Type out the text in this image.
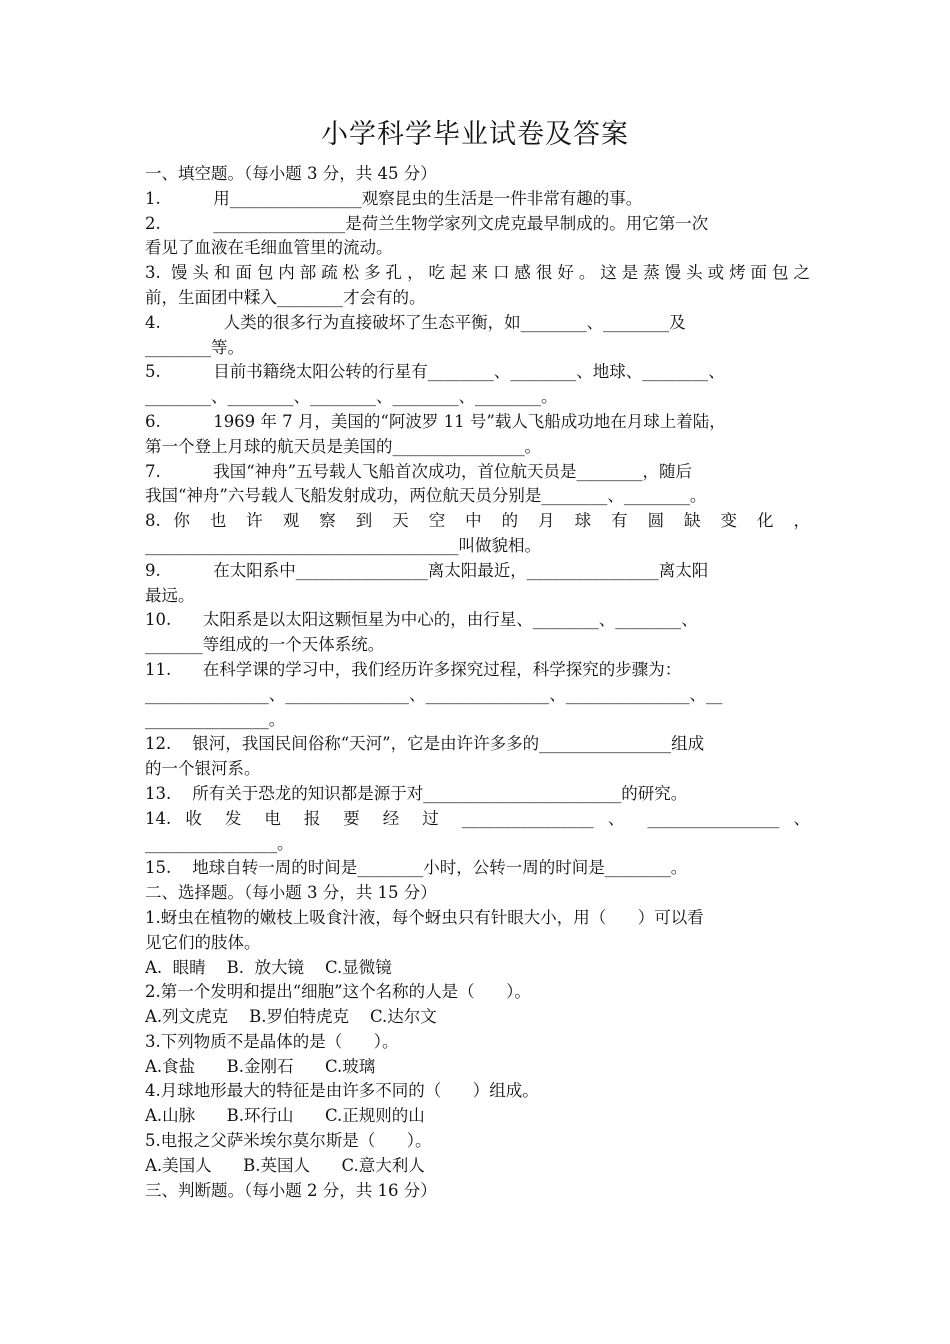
小学科学毕业试卷及答案
一、填空题。（每小题 3 分，共 45 分）
1.          用________________观察昆虫的生活是一件非常有趣的事。
2.          ________________是荷兰生物学家列文虎克最早制成的。用它第一次
看见了血液在毛细血管里的流动。
3. 馒头和面包内部疏松多孔，吃起来口感很好。这是蒸馒头或烤面包之
前，生面团中糅入________才会有的。
4.            人类的很多行为直接破坏了生态平衡，如________、________及
________等。
5.          目前书籍绕太阳公转的行星有________、________、地球、________、
________、________、________、________、________。
6.          1969 年 7 月，美国的“阿波罗 11 号”载人飞船成功地在月球上着陆，
第一个登上月球的航天员是美国的________________。
7.          我国“神舟”五号载人飞船首次成功，首位航天员是________，随后
我国“神舟”六号载人飞船发射成功，两位航天员分别是________、________。
8. 你 也 许 观 察 到 天 空 中 的 月 球 有 圆 缺 变 化 ，
______________________________________叫做貌相。
9.          在太阳系中________________离太阳最近，________________离太阳
最远。
10.      太阳系是以太阳这颗恒星为中心的，由行星、________、________、
_______等组成的一个天体系统。
11.      在科学课的学习中，我们经历许多探究过程，科学探究的步骤为：
_______________、_______________、_______________、_______________、__
_______________。
12.    银河，我国民间俗称“天河”，它是由许许多多的________________组成
的一个银河系。
13.    所有关于恐龙的知识都是源于对________________________的研究。
14. 收 发 电 报 要 经 过 ________________ 、 ________________ 、
________________。
15.    地球自转一周的时间是________小时，公转一周的时间是________。
二、选择题。（每小题 3 分，共 15 分）
1.蚜虫在植物的嫩枝上吸食汁液，每个蚜虫只有针眼大小，用（      ）可以看
见它们的肢体。
A.  眼睛    B.  放大镜    C.显微镜
2.第一个发明和提出“细胞”这个名称的人是（      ）。
A.列文虎克    B.罗伯特虎克    C.达尔文
3.下列物质不是晶体的是（      ）。
A.食盐      B.金刚石      C.玻璃
4.月球地形最大的特征是由许多不同的（      ）组成。
A.山脉      B.环行山      C.正规则的山
5.电报之父萨米埃尔莫尔斯是（      ）。
A.美国人      B.英国人      C.意大利人
三、判断题。（每小题 2 分，共 16 分）
